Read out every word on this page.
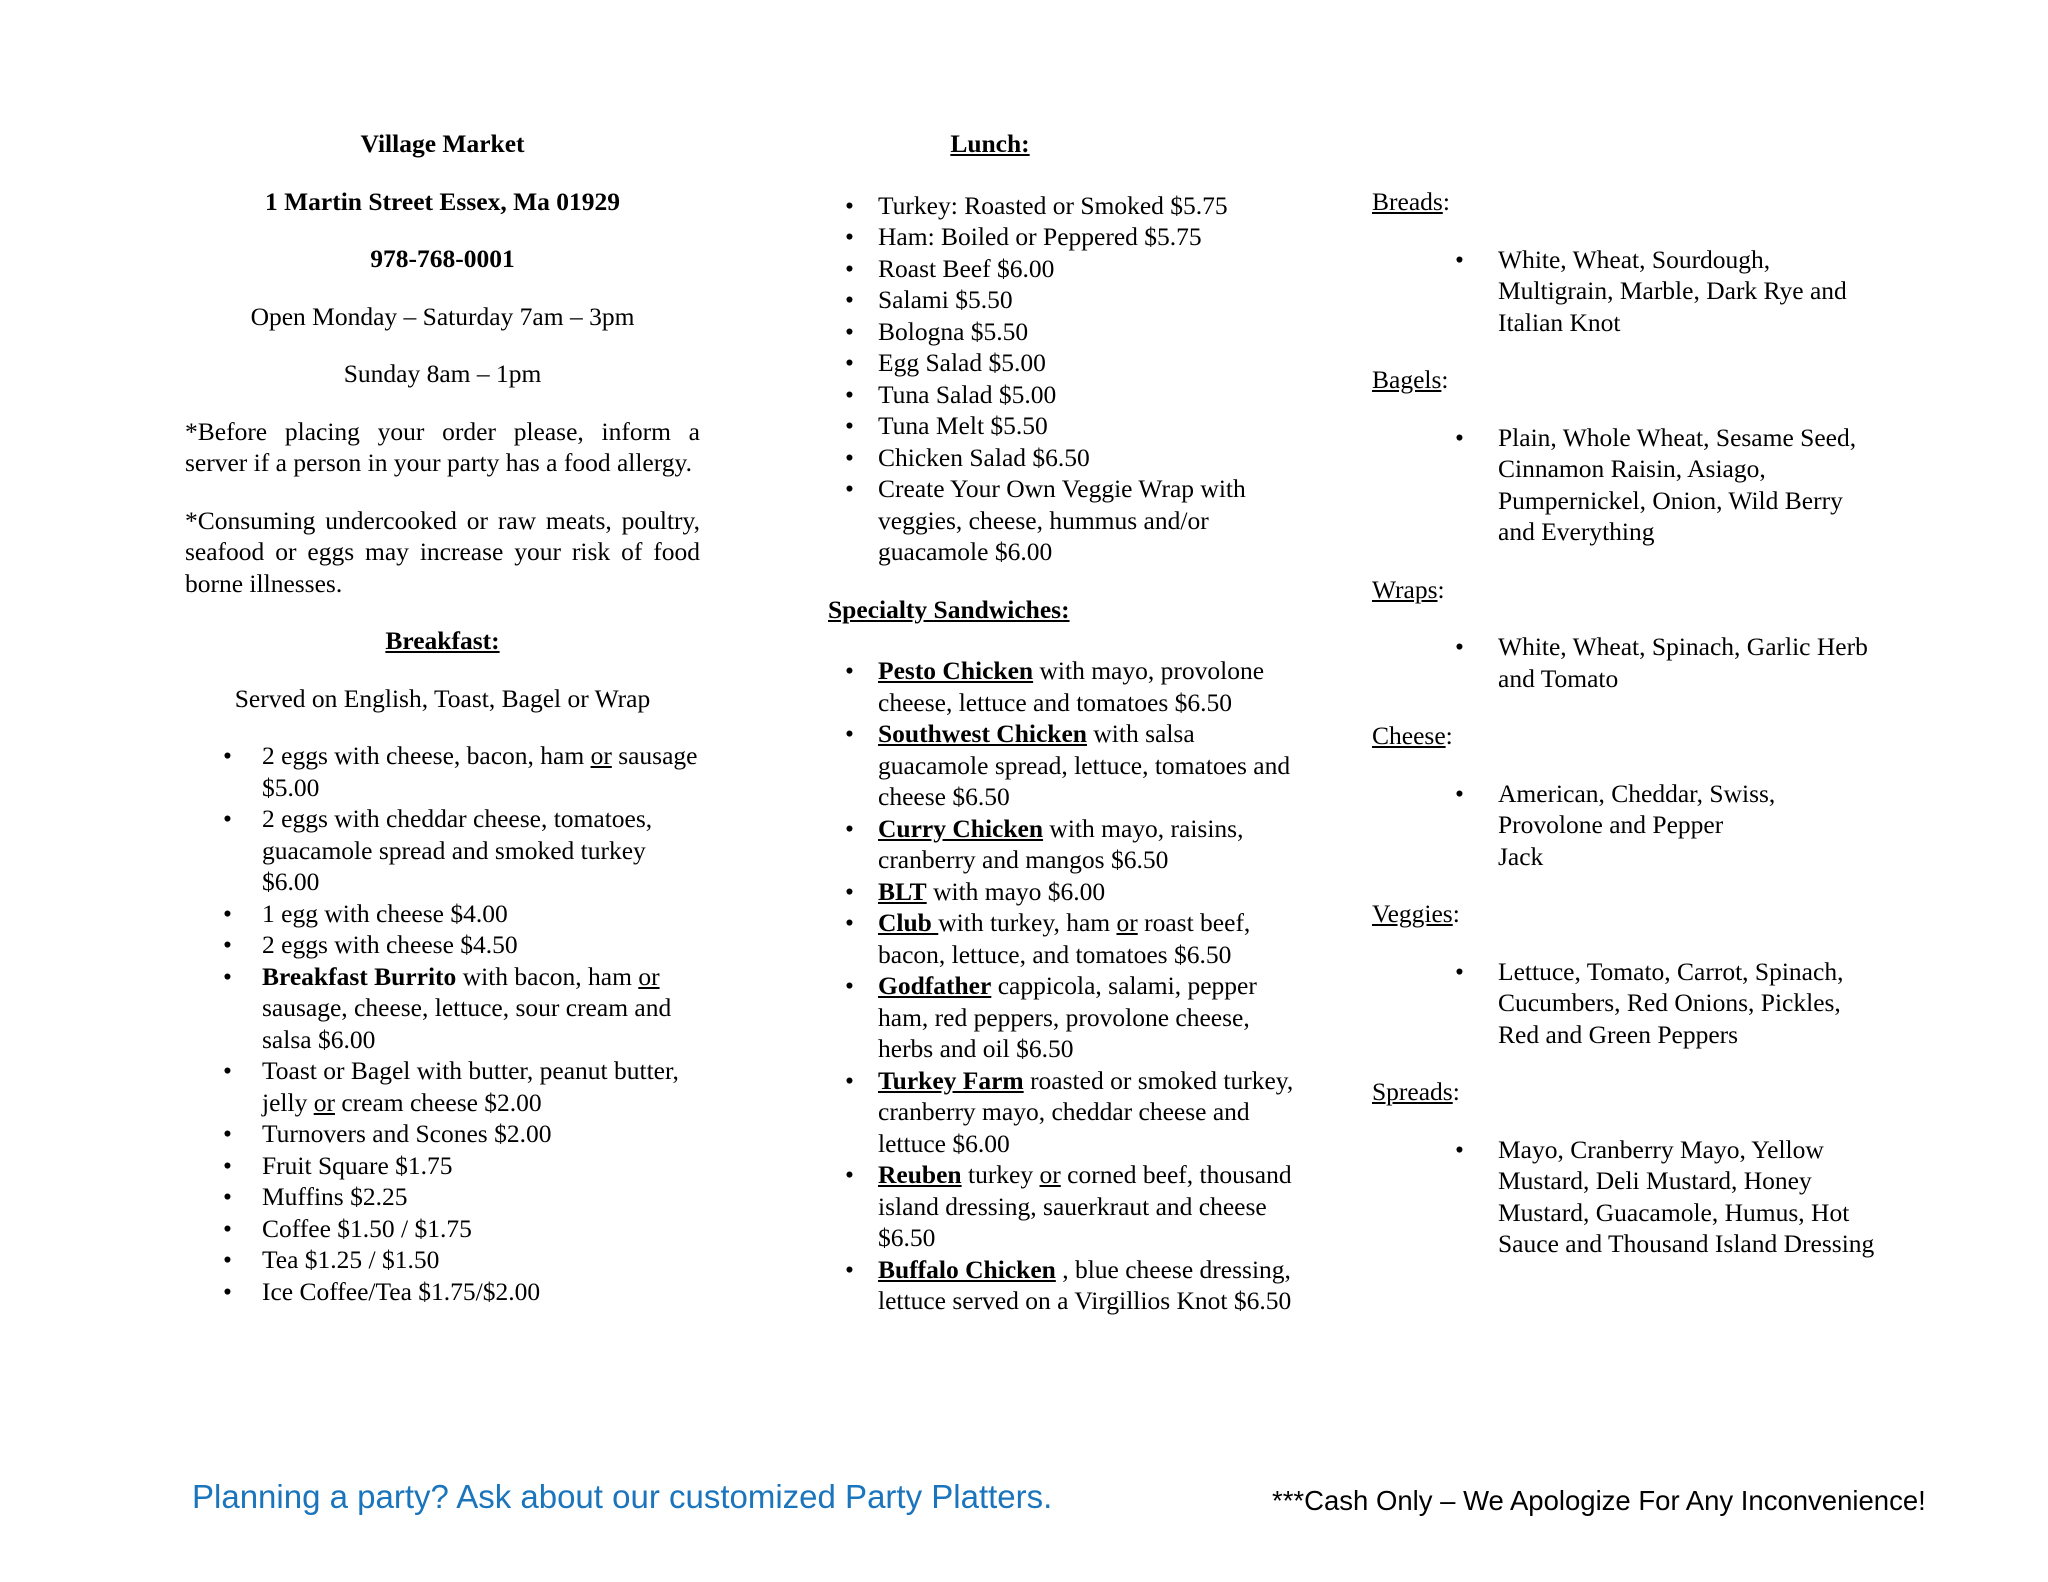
Village Market

1 Martin Street Essex, Ma 01929

978-768-0001

Open Monday – Saturday 7am – 3pm

Sunday 8am – 1pm

*Before placing your order please, inform a server if a person in your party has a food allergy.

*Consuming undercooked or raw meats, poultry, seafood or eggs may increase your risk of food borne illnesses.

Breakfast:

Served on English, Toast, Bagel or Wrap

• 2 eggs with cheese, bacon, ham or sausage $5.00
• 2 eggs with cheddar cheese, tomatoes, guacamole spread and smoked turkey $6.00
• 1 egg with cheese $4.00
• 2 eggs with cheese $4.50
• Breakfast Burrito with bacon, ham or sausage, cheese, lettuce, sour cream and salsa $6.00
• Toast or Bagel with butter, peanut butter, jelly or cream cheese $2.00
• Turnovers and Scones $2.00
• Fruit Square $1.75
• Muffins $2.25
• Coffee $1.50 / $1.75
• Tea $1.25 / $1.50
• Ice Coffee/Tea $1.75/$2.00
Lunch:
• Turkey: Roasted or Smoked $5.75
• Ham: Boiled or Peppered $5.75
• Roast Beef $6.00
• Salami $5.50
• Bologna $5.50
• Egg Salad $5.00
• Tuna Salad $5.00
• Tuna Melt $5.50
• Chicken Salad $6.50
• Create Your Own Veggie Wrap with veggies, cheese, hummus and/or guacamole $6.00
Specialty Sandwiches:
• Pesto Chicken with mayo, provolone cheese, lettuce and tomatoes $6.50
• Southwest Chicken with salsa guacamole spread, lettuce, tomatoes and cheese $6.50
• Curry Chicken with mayo, raisins, cranberry and mangos $6.50
• BLT with mayo $6.00
• Club with turkey, ham or roast beef, bacon, lettuce, and tomatoes $6.50
• Godfather cappicola, salami, pepper ham, red peppers, provolone cheese, herbs and oil $6.50
• Turkey Farm roasted or smoked turkey, cranberry mayo, cheddar cheese and lettuce $6.00
• Reuben turkey or corned beef, thousand island dressing, sauerkraut and cheese $6.50
• Buffalo Chicken , blue cheese dressing, lettuce served on a Virgillios Knot $6.50
Breads:
• White, Wheat, Sourdough, Multigrain, Marble, Dark Rye and Italian Knot
Bagels:
• Plain, Whole Wheat, Sesame Seed, Cinnamon Raisin, Asiago, Pumpernickel, Onion, Wild Berry and Everything
Wraps:
• White, Wheat, Spinach, Garlic Herb and Tomato
Cheese:
• American, Cheddar, Swiss, Provolone and Pepper
Jack
Veggies:
• Lettuce, Tomato, Carrot, Spinach, Cucumbers, Red Onions, Pickles, Red and Green Peppers
Spreads:
• Mayo, Cranberry Mayo, Yellow Mustard, Deli Mustard, Honey Mustard, Guacamole, Humus, Hot Sauce and Thousand Island Dressing
Planning a party? Ask about our customized Party Platters.	***Cash Only – We Apologize For Any Inconvenience!
